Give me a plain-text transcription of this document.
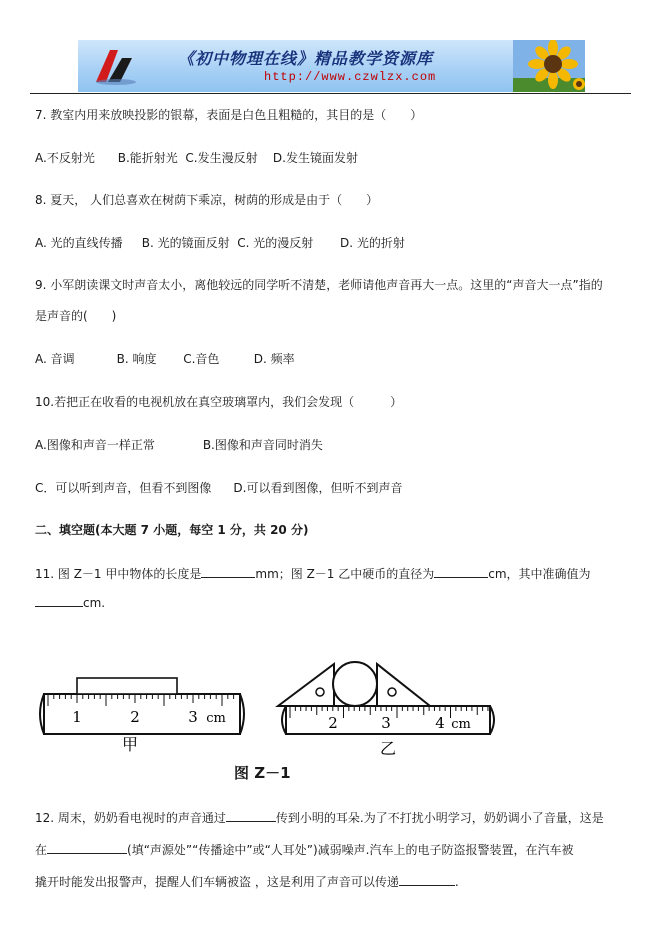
《初中物理在线》精品教学资源库
http://www.czwlzx.com
7. 教室内用来放映投影的银幕，表面是白色且粗糙的，其目的是（　　）
A.不反射光 B.能折射光 C.发生漫反射 D.发生镜面发射
8. 夏天， 人们总喜欢在树荫下乘凉，树荫的形成是由于（　　）
A. 光的直线传播 B. 光的镜面反射 C. 光的漫反射 D. 光的折射
9. 小军朗读课文时声音太小，离他较远的同学听不清楚，老师请他声音再大一点。这里的“声音大一点”指的
是声音的(　　)
A. 音调	B. 响度 C.音色	D. 频率
10.若把正在收看的电视机放在真空玻璃罩内，我们会发现（　　　）
A.图像和声音一样正常	B.图像和声音同时消失
C．可以听到声音，但看不到图像 D.可以看到图像，但听不到声音
二、填空题(本大题 7 小题，每空 1 分，共 20 分)
11. 图 Z－1 甲中物体的长度是	mm；图 Z－1 乙中硬币的直径为	cm，其中准确值为
cm.
1	2	3 cm
甲
2	3	4 cm
乙
图 Z－1
12. 周末，奶奶看电视时的声音通过	传到小明的耳朵.为了不打扰小明学习，奶奶调小了音量，这是
在	(填“声源处”“传播途中”或“人耳处”)减弱噪声.汽车上的电子防盗报警装置，在汽车被
撬开时能发出报警声，提醒人们车辆被盗 ，这是利用了声音可以传递	.
